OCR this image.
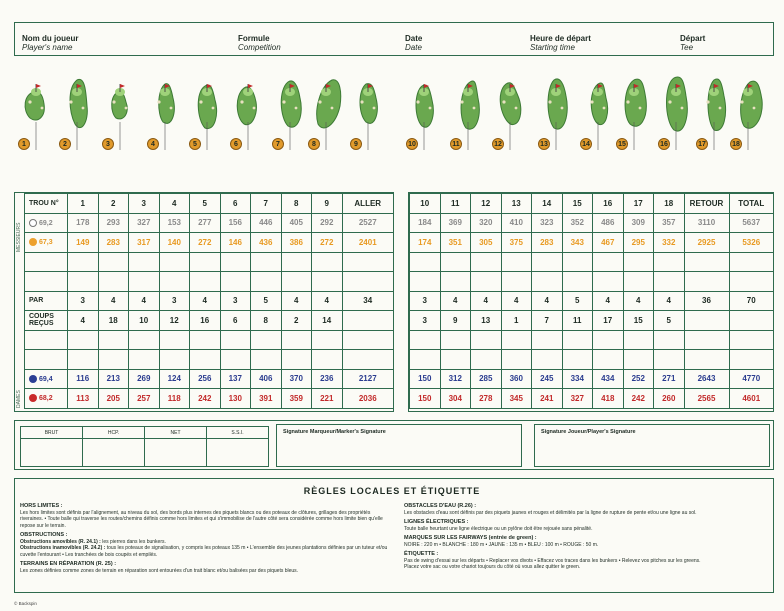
Nom du joueur
Player's name
Formule
Competition
Date
Date
Heure de départ
Starting time
Départ
Tee
1	2	3	4	5	6	7	8	9	10	11	12	13	14	15	16	17	18
MESSIEURS
DAMES
TROU N°	1	2	3	4	5	6	7	8	9	ALLER
69,2	178	293	327	153	277	156	446	405	292	2527
67,3	149	283	317	140	272	146	436	386	272	2401

PAR	3	4	4	3	4	3	5	4	4	34
COUPS REÇUS	4	18	10	12	16	6	8	2	14	

69,4	116	213	269	124	256	137	406	370	236	2127
68,2	113	205	257	118	242	130	391	359	221	2036
10	11	12	13	14	15	16	17	18	RETOUR	TOTAL
184	369	320	410	323	352	486	309	357	3110	5637
174	351	305	375	283	343	467	295	332	2925	5326

3	4	4	4	4	5	4	4	4	36	70
3	9	13	1	7	11	17	15	5		

150	312	285	360	245	334	434	252	271	2643	4770
150	304	278	345	241	327	418	242	260	2565	4601
BRUT	HCP.	NET	S.S.I.
				Signature Marqueur/Marker's Signature	Signature Joueur/Player's Signature
RÈGLES LOCALES ET ÉTIQUETTE
HORS LIMITES :
Les hors limites sont définis par l'alignement, au niveau du sol, des bords plus internes des piquets blancs ou des poteaux de clôtures, grillages des propriétés riveraines. • Toute balle qui traverse les routes/chemins définis comme hors limites et qui s'immobilise de l'autre côté sera considérée comme hors limite bien qu'elle repose sur le terrain.
OBSTRUCTIONS :
Obstructions amovibles (R. 24.1) : les pierres dans les bunkers.
Obstructions inamovibles (R. 24.2) : tous les poteaux de signalisation, y compris les poteaux 135 m • L'ensemble des jeunes plantations définies par un tuteur et/ou cuvette l'entourant • Les tranchées de bois coupés et empilés.
TERRAINS EN RÉPARATION (R. 25) :
Les zones définies comme zones de terrain en réparation sont entourées d'un trait blanc et/ou balisées par des piquets bleus.
OBSTACLES D'EAU (R.26) :
Les obstacles d'eau sont définis par des piquets jaunes et rouges et délimités par la ligne de rupture de pente et/ou une ligne au sol.
LIGNES ÉLECTRIQUES :
Toute balle heurtant une ligne électrique ou un pylône doit être rejouée sans pénalité.
MARQUES SUR LES FAIRWAYS (entrée de green) :
NOIRE : 220 m • BLANCHE : 180 m • JAUNE : 135 m • BLEU : 100 m • ROUGE : 50 m.
ÉTIQUETTE :
Pas de swing d'essai sur les départs • Replacer vos divots • Effacez vos traces dans les bunkers • Relevez vos pitches sur les greens.
Placez votre sac ou votre chariot toujours du côté où vous allez quitter le green.
© Backspin
